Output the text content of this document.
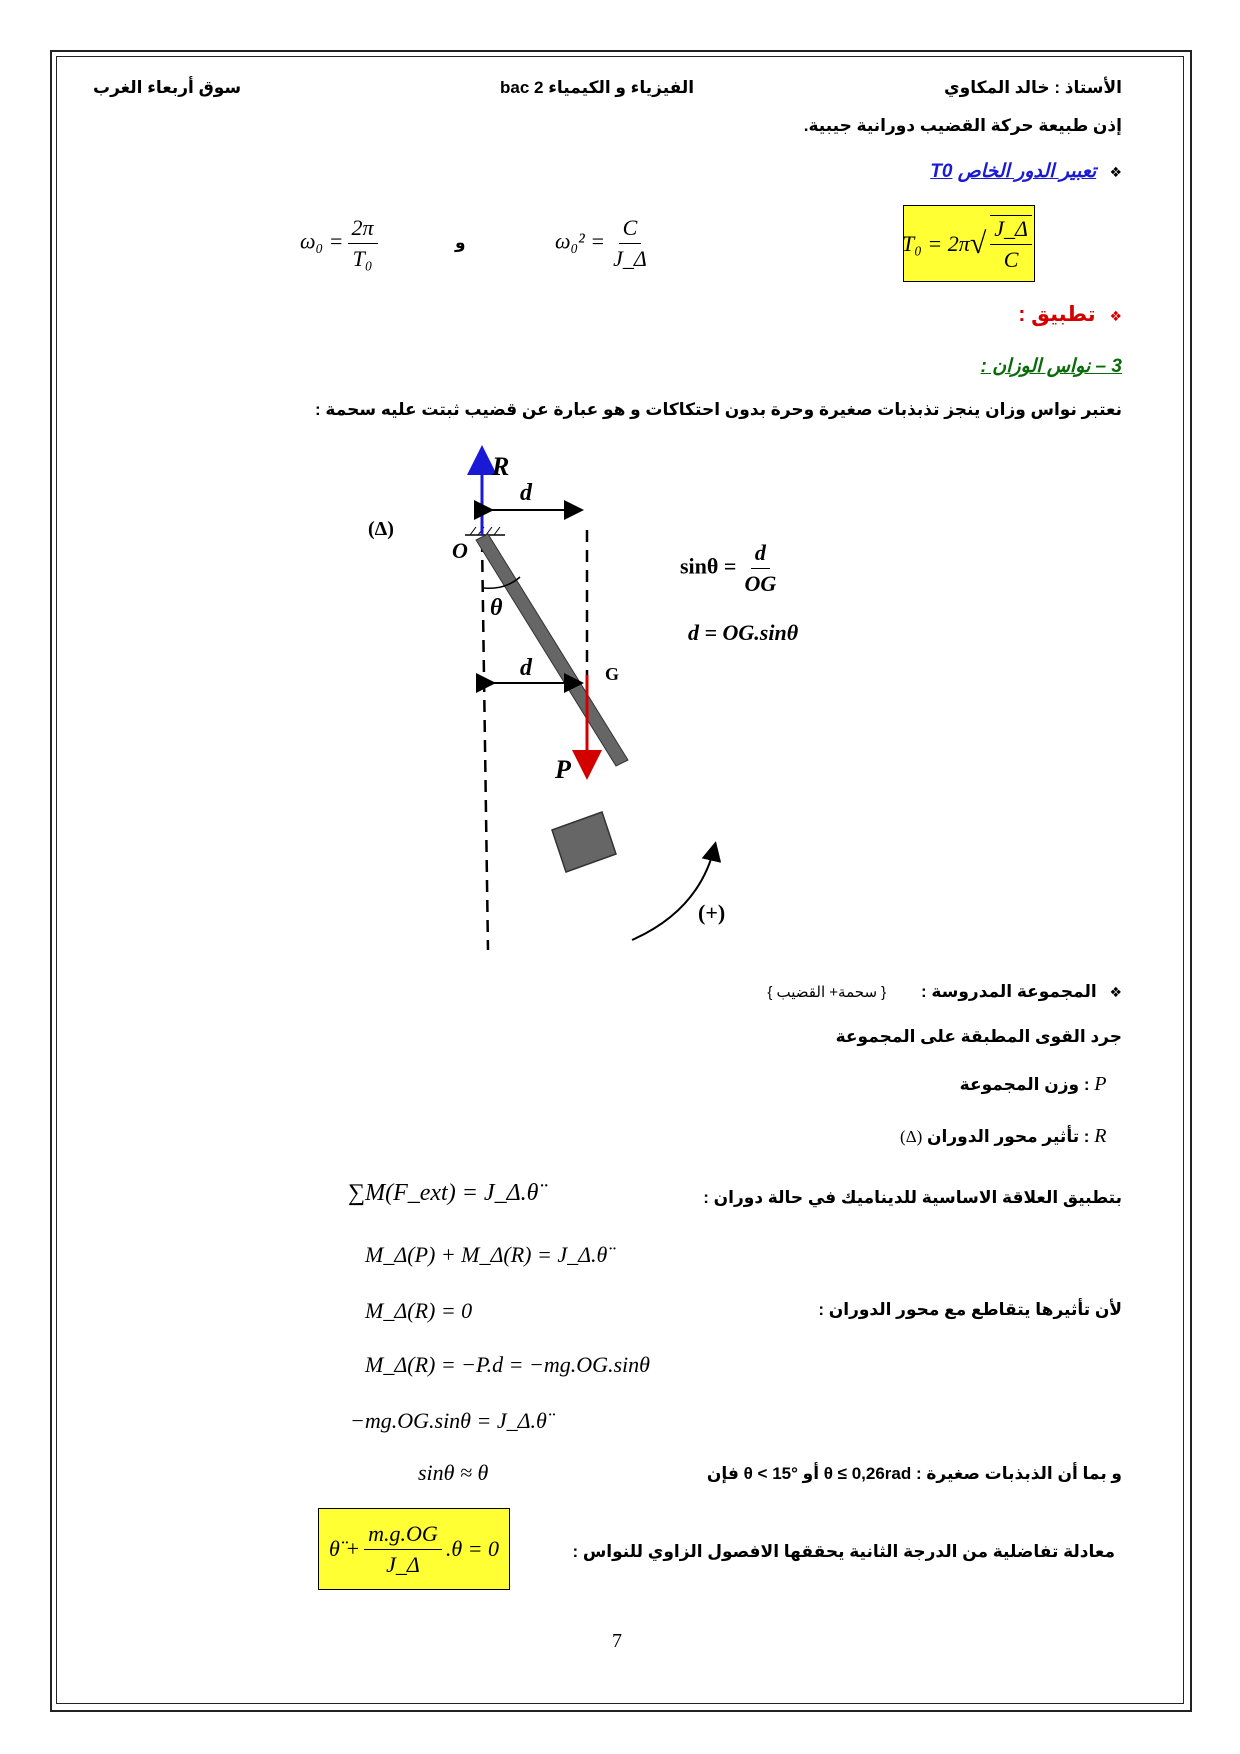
الأستاذ : خالد المكاوي
الفيزياء و الكيمياء 2 bac
سوق أربعاء الغرب
إذن طبيعة حركة القضيب دورانية جيبية.
❖ تعبير الدور الخاص T0
$\omega_0 = \frac{2\pi}{\text{T₀}}$	و	$\omega_0^2 = \frac{C}{J\_\Delta}$	T₀ = 2π √ $\frac{J\_\Delta}{C}$
❖ تطبيق :
3 – نواس الوزان :
نعتبر نواس وزان ينجز تذبذبات صغيرة وحرة بدون احتكاكات و هو عبارة عن قضيب ثبتت عليه سحمة :
R
d
(Δ)
O
θ
d	G
P
(+)
$\sin\theta = \frac{d}{OG}$
d = OG.sinθ
❖ المجموعة المدروسة : { سحمة+ القضيب }
جرد القوى المطبقة على المجموعة
P⃗ : وزن المجموعة
R⃗ : تأثير محور الدوران (Δ)
بتطبيق العلاقة الاساسية للديناميك في حالة دوران :
∑M(F_ext) = J_Δ.θ̈
M_Δ(P) + M_Δ(R) = J_Δ.θ̈
لأن تأثيرها يتقاطع مع محور الدوران :
M_Δ(R) = 0
M_Δ(R) = −P.d = −mg.OG.sinθ
−mg.OG.sinθ = J_Δ.θ̈
و بما أن الذبذبات صغيرة : θ ≤ 0,26rad أو θ < 15° فإن
sinθ ≈ θ
معادلة تفاضلية من الدرجة الثانية يحققها الافصول الزاوي للنواس :
θ̈ + $\frac{m.g.OG}{J\_\Delta} .\theta = 0$
7
